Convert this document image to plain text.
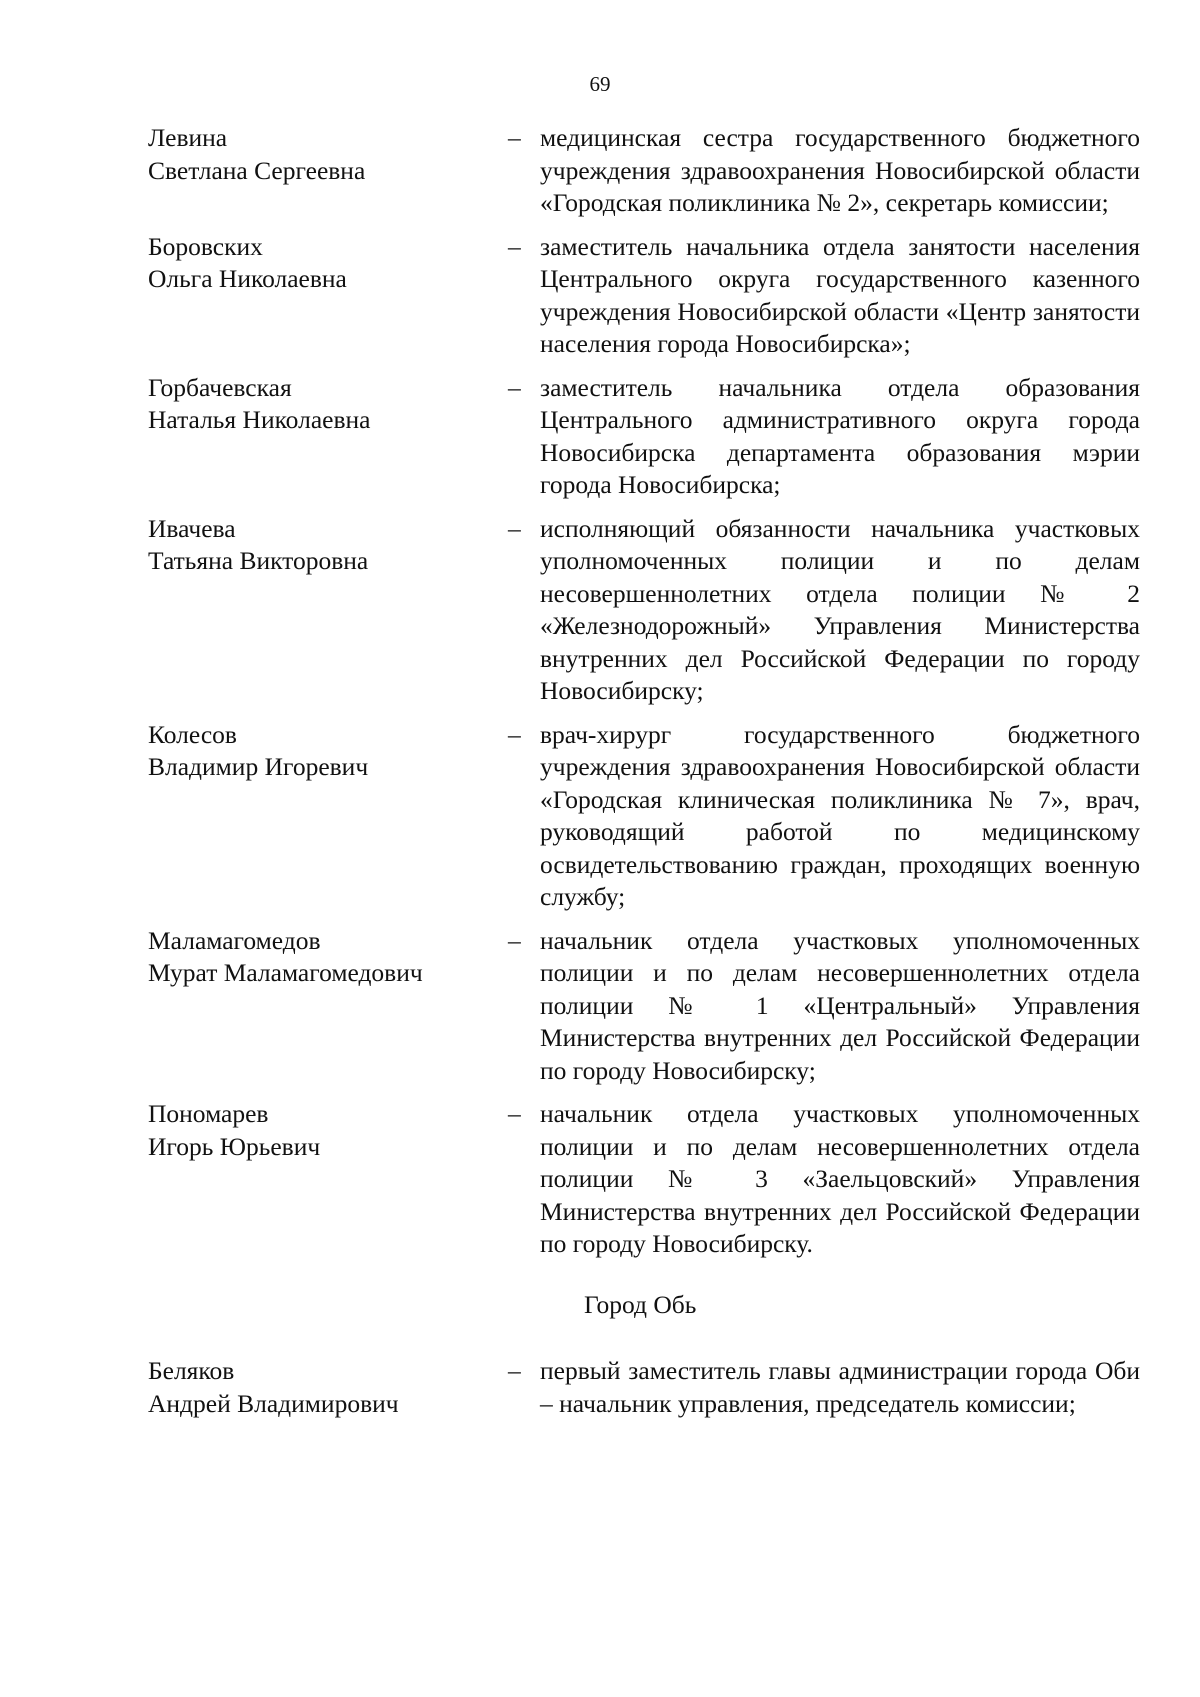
69
Левина
Светлана Сергеевна
– медицинская сестра государственного бюджетного учреждения здравоохранения Новосибирской области «Городская поликлиника № 2», секретарь комиссии;
Боровских
Ольга Николаевна
– заместитель начальника отдела занятости населения Центрального округа государственного казенного учреждения Новосибирской области «Центр занятости населения города Новосибирска»;
Горбачевская
Наталья Николаевна
– заместитель начальника отдела образования Центрального административного округа города Новосибирска департамента образования мэрии города Новосибирска;
Ивачева
Татьяна Викторовна
– исполняющий обязанности начальника участковых уполномоченных полиции и по делам несовершеннолетних отдела полиции № 2 «Железнодорожный» Управления Министерства внутренних дел Российской Федерации по городу Новосибирску;
Колесов
Владимир Игоревич
– врач-хирург государственного бюджетного учреждения здравоохранения Новосибирской области «Городская клиническая поликлиника № 7», врач, руководящий работой по медицинскому освидетельствованию граждан, проходящих военную службу;
Маламагомедов
Мурат Маламагомедович
– начальник отдела участковых уполномоченных полиции и по делам несовершеннолетних отдела полиции № 1 «Центральный» Управления Министерства внутренних дел Российской Федерации по городу Новосибирску;
Пономарев
Игорь Юрьевич
– начальник отдела участковых уполномоченных полиции и по делам несовершеннолетних отдела полиции № 3 «Заельцовский» Управления Министерства внутренних дел Российской Федерации по городу Новосибирску.
Город Обь
Беляков
Андрей Владимирович
– первый заместитель главы администрации города Оби – начальник управления, председатель комиссии;
